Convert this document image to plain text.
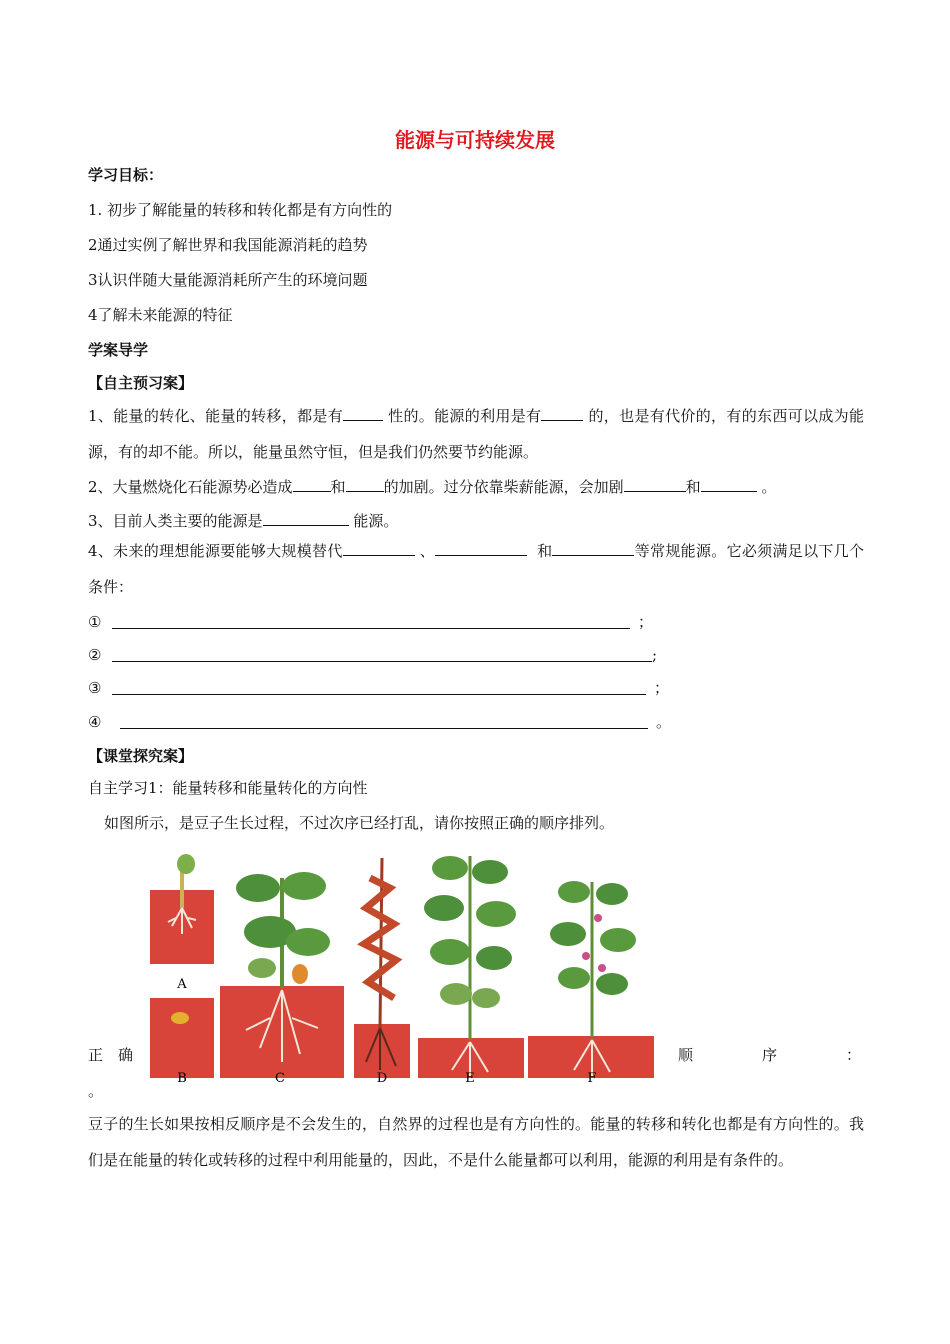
能源与可持续发展
学习目标：
1. 初步了解能量的转移和转化都是有方向性的
2通过实例了解世界和我国能源消耗的趋势
3认识伴随大量能源消耗所产生的环境问题
4了解未来能源的特征
学案导学
【自主预习案】
1、能量的转化、能量的转移，都是有	性的。能源的利用是有	的，也是有代价的，有的东西可以成为能源，有的却不能。所以，能量虽然守恒，但是我们仍然要节约能源。
2、大量燃烧化石能源势必造成	和	的加剧。过分依靠柴薪能源，会加剧	和	。
3、目前人类主要的能源是	能源。
4、未来的理想能源要能够大规模替代	、	和	等常规能源。它必须满足以下几个条件：
①	；
②	;
③	；
④	。
【课堂探究案】
自主学习1：能量转移和能量转化的方向性
如图所示，是豆子生长过程，不过次序已经打乱，请你按照正确的顺序排列。
A
B	C	D	E	F
正 确	顺	序	：
。
豆子的生长如果按相反顺序是不会发生的，自然界的过程也是有方向性的。能量的转移和转化也都是有方向性的。我们是在能量的转化或转移的过程中利用能量的，因此，不是什么能量都可以利用，能源的利用是有条件的。
